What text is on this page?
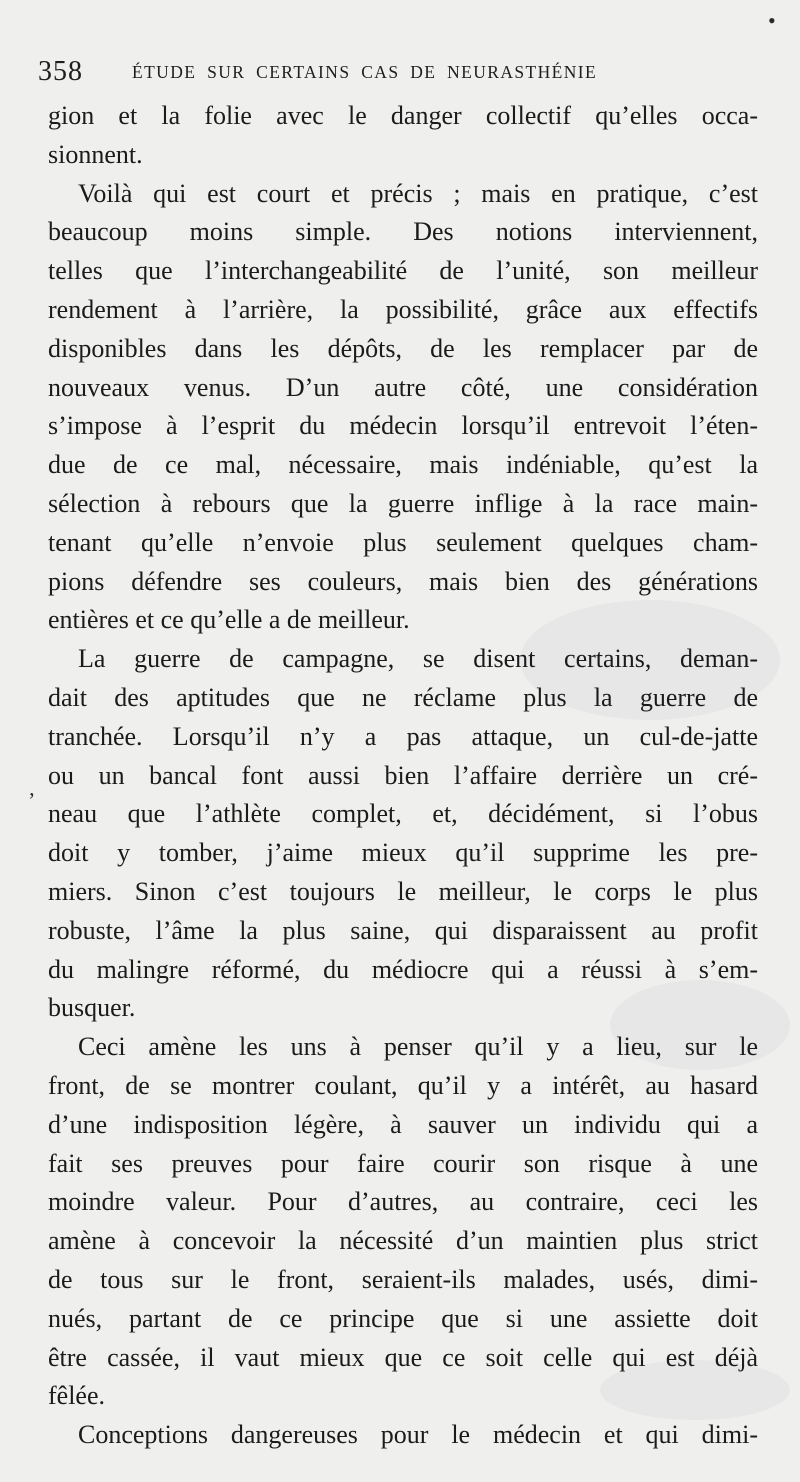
•
358	ÉTUDE SUR CERTAINS CAS DE NEURASTHÉNIE
ʼ
gion et la folie avec le danger collectif qu’elles occa-
sionnent.
Voilà qui est court et précis ; mais en pratique, c’est
beaucoup moins simple. Des notions interviennent,
telles que l’interchangeabilité de l’unité, son meilleur
rendement à l’arrière, la possibilité, grâce aux effectifs
disponibles dans les dépôts, de les remplacer par de
nouveaux venus. D’un autre côté, une considération
s’impose à l’esprit du médecin lorsqu’il entrevoit l’éten-
due de ce mal, nécessaire, mais indéniable, qu’est la
sélection à rebours que la guerre inflige à la race main-
tenant qu’elle n’envoie plus seulement quelques cham-
pions défendre ses couleurs, mais bien des générations
entières et ce qu’elle a de meilleur.
La guerre de campagne, se disent certains, deman-
dait des aptitudes que ne réclame plus la guerre de
tranchée. Lorsqu’il n’y a pas attaque, un cul-de-jatte
ou un bancal font aussi bien l’affaire derrière un cré-
neau que l’athlète complet, et, décidément, si l’obus
doit y tomber, j’aime mieux qu’il supprime les pre-
miers. Sinon c’est toujours le meilleur, le corps le plus
robuste, l’âme la plus saine, qui disparaissent au profit
du malingre réformé, du médiocre qui a réussi à s’em-
busquer.
Ceci amène les uns à penser qu’il y a lieu, sur le
front, de se montrer coulant, qu’il y a intérêt, au hasard
d’une indisposition légère, à sauver un individu qui a
fait ses preuves pour faire courir son risque à une
moindre valeur. Pour d’autres, au contraire, ceci les
amène à concevoir la nécessité d’un maintien plus strict
de tous sur le front, seraient-ils malades, usés, dimi-
nués, partant de ce principe que si une assiette doit
être cassée, il vaut mieux que ce soit celle qui est déjà
fêlée.
Conceptions dangereuses pour le médecin et qui dimi-
